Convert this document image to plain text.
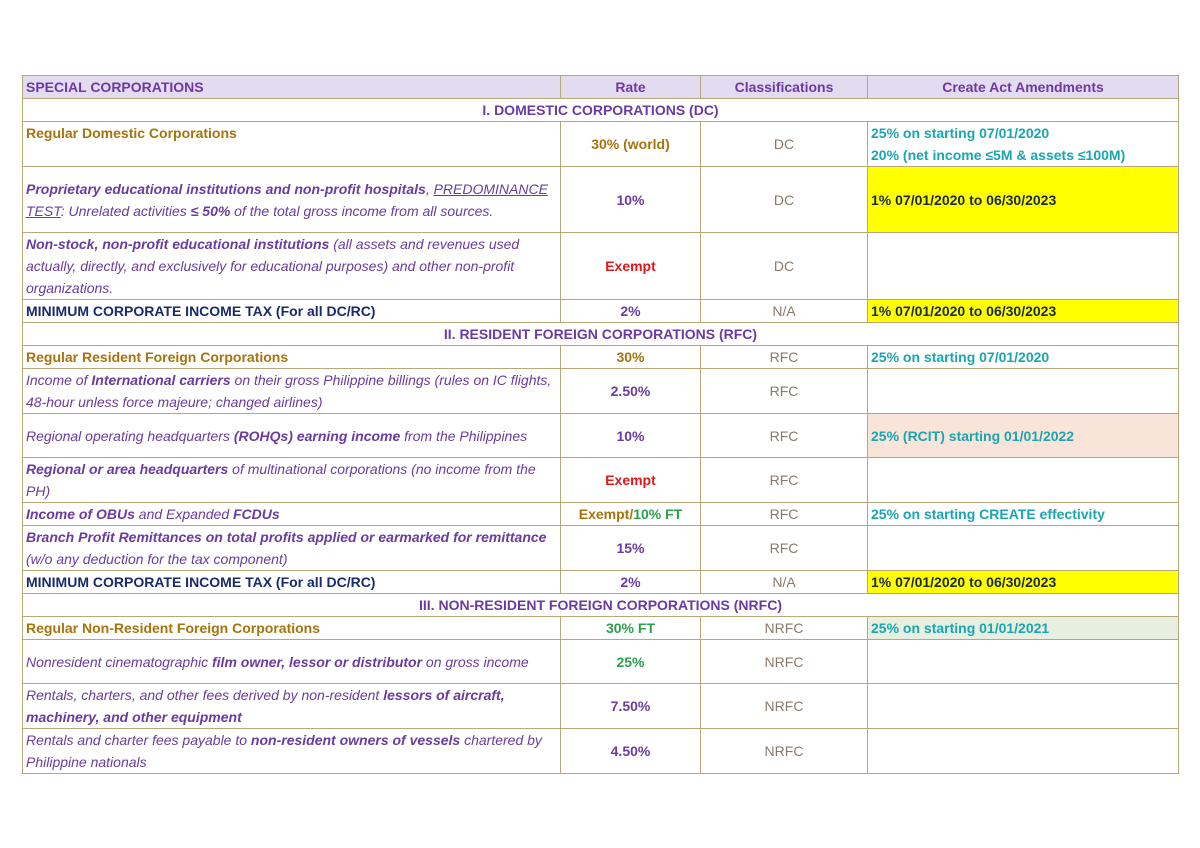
SPECIAL CORPORATIONS	Rate	Classifications	Create Act Amendments
I. DOMESTIC CORPORATIONS (DC)			
Regular Domestic Corporations	30% (world)	DC	25% on starting 07/01/2020
20% (net income ≤5M & assets ≤100M)

Proprietary educational institutions and non-profit hospitals, PREDOMINANCE TEST: Unrelated activities ≤ 50% of the total gross income from all sources.	10%	DC	1% 07/01/2020 to 06/30/2023
Non-stock, non-profit educational institutions (all assets and revenues used actually, directly, and exclusively for educational purposes) and other non-profit organizations.	Exempt	DC	
MINIMUM CORPORATE INCOME TAX (For all DC/RC)	2%	N/A	1% 07/01/2020 to 06/30/2023
II. RESIDENT FOREIGN CORPORATIONS (RFC)			
Regular Resident Foreign Corporations	30%	RFC	25% on starting 07/01/2020
Income of International carriers on their gross Philippine billings (rules on IC flights, 48-hour unless force majeure; changed airlines)	2.50%	RFC	
Regional operating headquarters (ROHQs) earning income from the Philippines	10%	RFC	25% (RCIT) starting 01/01/2022
Regional or area headquarters of multinational corporations (no income from the PH)	Exempt	RFC	
Income of OBUs and Expanded FCDUs	Exempt/10% FT	RFC	25% on starting CREATE effectivity
Branch Profit Remittances on total profits applied or earmarked for remittance (w/o any deduction for the tax component)	15%	RFC	
MINIMUM CORPORATE INCOME TAX (For all DC/RC)	2%	N/A	1% 07/01/2020 to 06/30/2023
III. NON-RESIDENT FOREIGN CORPORATIONS (NRFC)			
Regular Non-Resident Foreign Corporations	30% FT	NRFC	25% on starting 01/01/2021
Nonresident cinematographic film owner, lessor or distributor on gross income	25%	NRFC	
Rentals, charters, and other fees derived by non-resident lessors of aircraft, machinery, and other equipment	7.50%	NRFC	
Rentals and charter fees payable to non-resident owners of vessels chartered by Philippine nationals	4.50%	NRFC	
